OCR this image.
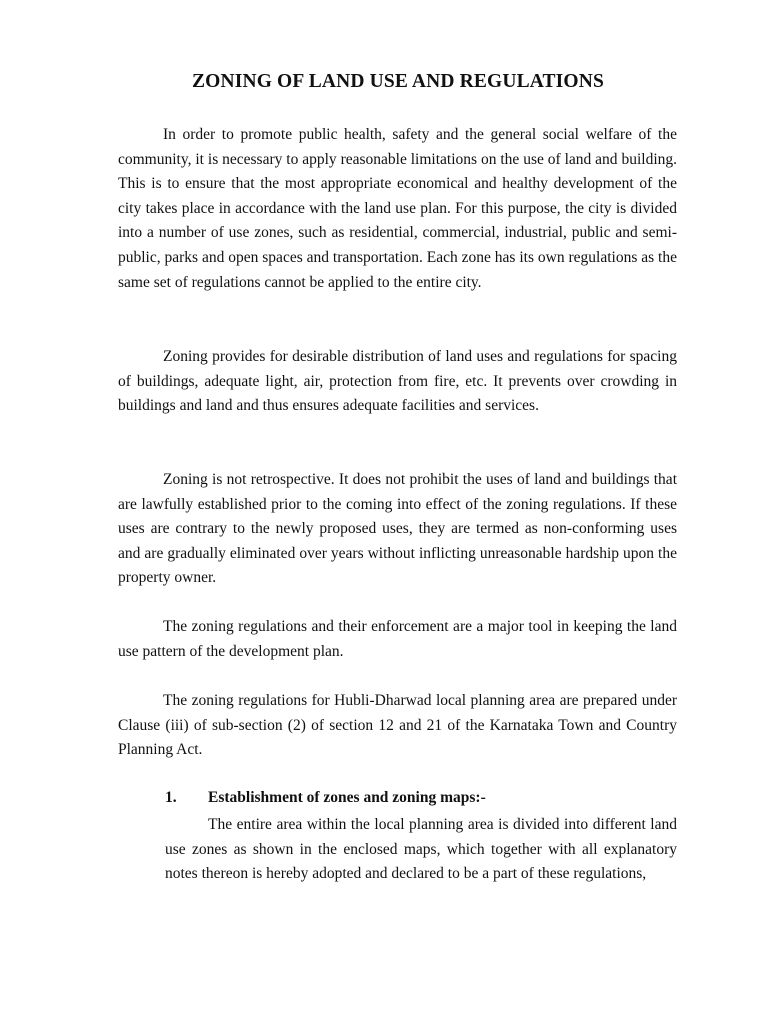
ZONING OF LAND USE AND REGULATIONS

In order to promote public health, safety and the general social welfare of the community, it is necessary to apply reasonable limitations on the use of land and building. This is to ensure that the most appropriate economical and healthy development of the city takes place in accordance with the land use plan. For this purpose, the city is divided into a number of use zones, such as residential, commercial, industrial, public and semi-public, parks and open spaces and transportation. Each zone has its own regulations as the same set of regulations cannot be applied to the entire city.

Zoning provides for desirable distribution of land uses and regulations for spacing of buildings, adequate light, air, protection from fire, etc. It prevents over crowding in buildings and land and thus ensures adequate facilities and services.

Zoning is not retrospective. It does not prohibit the uses of land and buildings that are lawfully established prior to the coming into effect of the zoning regulations. If these uses are contrary to the newly proposed uses, they are termed as non-conforming uses and are gradually eliminated over years without inflicting unreasonable hardship upon the property owner.

The zoning regulations and their enforcement are a major tool in keeping the land use pattern of the development plan.

The zoning regulations for Hubli-Dharwad local planning area are prepared under Clause (iii) of sub-section (2) of section 12 and 21 of the Karnataka Town and Country Planning Act.

1. Establishment of zones and zoning maps:-

The entire area within the local planning area is divided into different land use zones as shown in the enclosed maps, which together with all explanatory notes thereon is hereby adopted and declared to be a part of these regulations,
